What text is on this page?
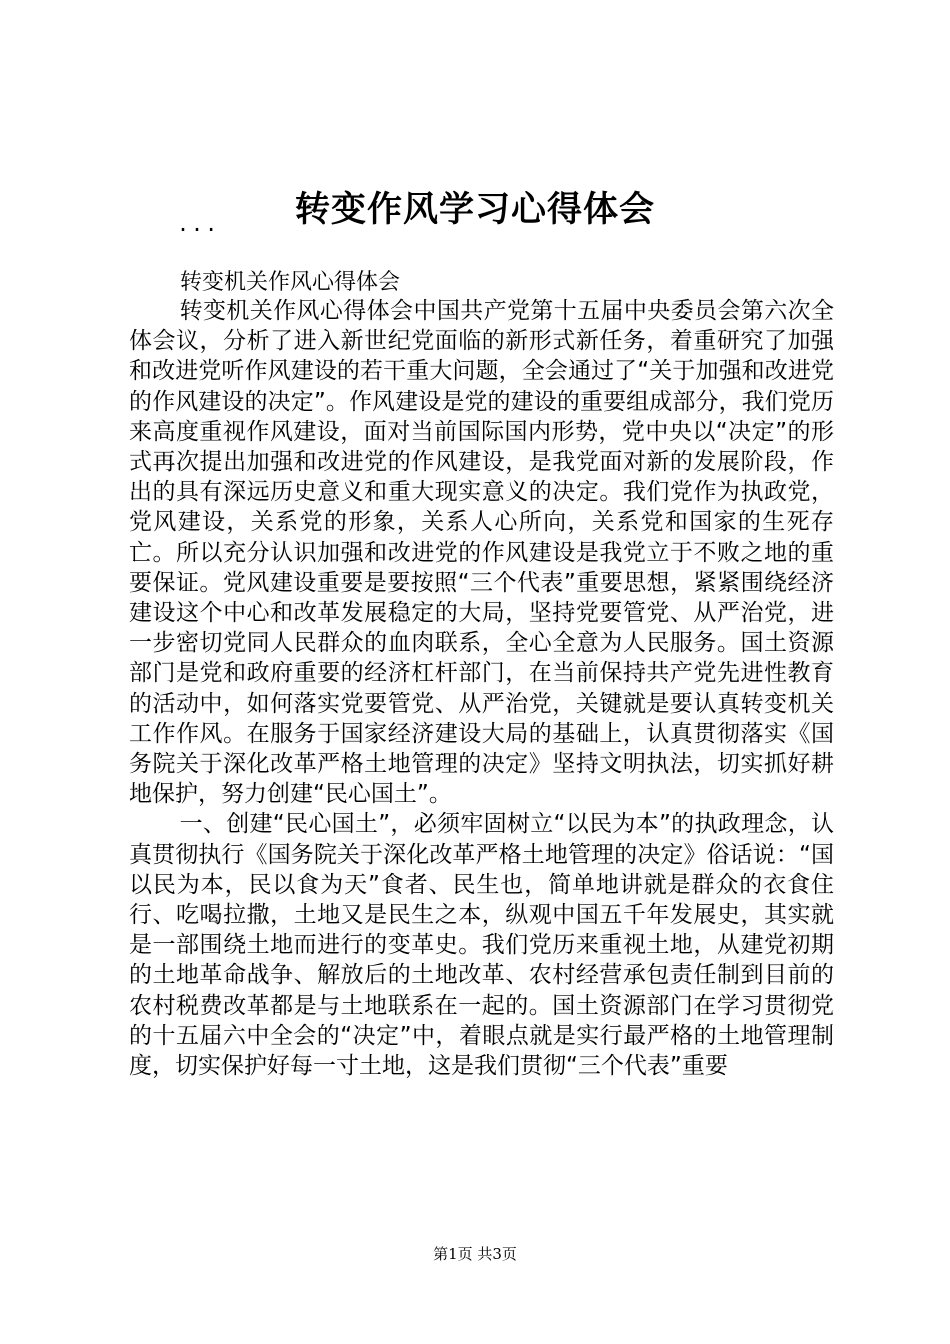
转变作风学习心得体会
...
转变机关作风心得体会

转变机关作风心得体会中国共产党第十五届中央委员会第六次全体会议，分析了进入新世纪党面临的新形式新任务，着重研究了加强和改进党听作风建设的若干重大问题，全会通过了“关于加强和改进党的作风建设的决定”。作风建设是党的建设的重要组成部分，我们党历来高度重视作风建设，面对当前国际国内形势，党中央以“决定”的形式再次提出加强和改进党的作风建设，是我党面对新的发展阶段，作出的具有深远历史意义和重大现实意义的决定。我们党作为执政党，党风建设，关系党的形象，关系人心所向，关系党和国家的生死存亡。所以充分认识加强和改进党的作风建设是我党立于不败之地的重要保证。党风建设重要是要按照“三个代表”重要思想，紧紧围绕经济建设这个中心和改革发展稳定的大局，坚持党要管党、从严治党，进一步密切党同人民群众的血肉联系，全心全意为人民服务。国土资源部门是党和政府重要的经济杠杆部门，在当前保持共产党先进性教育的活动中，如何落实党要管党、从严治党，关键就是要认真转变机关工作作风。在服务于国家经济建设大局的基础上，认真贯彻落实《国务院关于深化改革严格土地管理的决定》坚持文明执法，切实抓好耕地保护，努力创建“民心国土”。

一、创建“民心国土”，必须牢固树立“以民为本”的执政理念，认真贯彻执行《国务院关于深化改革严格土地管理的决定》俗话说：“国以民为本，民以食为天”食者、民生也，简单地讲就是群众的衣食住行、吃喝拉撒，土地又是民生之本，纵观中国五千年发展史，其实就是一部围绕土地而进行的变革史。我们党历来重视土地，从建党初期的土地革命战争、解放后的土地改革、农村经营承包责任制到目前的农村税费改革都是与土地联系在一起的。国土资源部门在学习贯彻党的十五届六中全会的“决定”中，着眼点就是实行最严格的土地管理制度，切实保护好每一寸土地，这是我们贯彻“三个代表”重要

第1页 共3页
